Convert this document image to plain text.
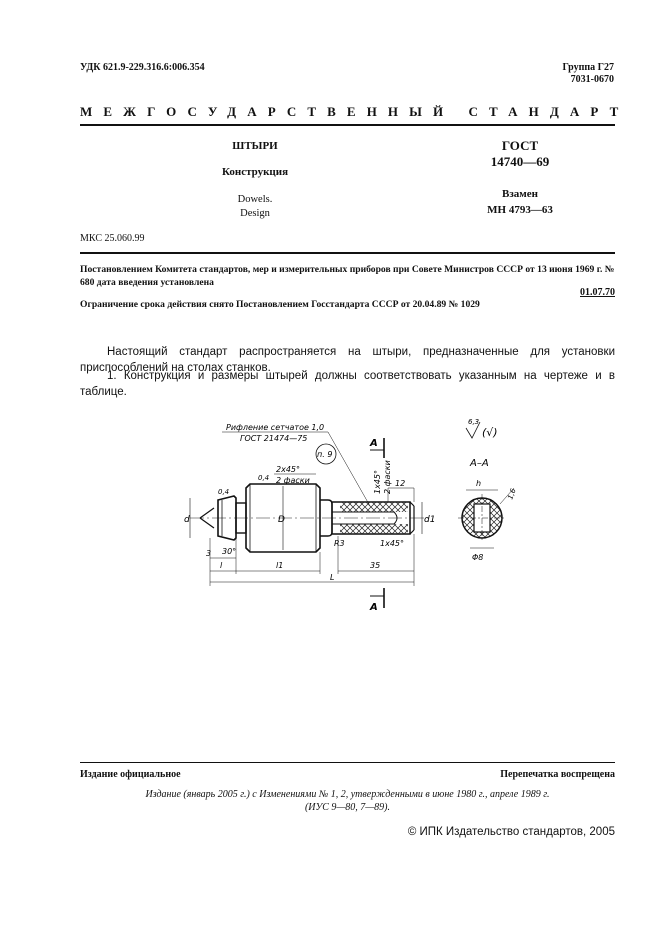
УДК 621.9-229.316.6:006.354	Группа Г27
7031-0670
МЕЖГОСУДАРСТВЕННЫЙ СТАНДАРТ
ШТЫРИ
Конструкция
Dowels.
Design
ГОСТ
14740—69
Взамен
МН 4793—63
МКС 25.060.99
Постановлением Комитета стандартов, мер и измерительных приборов при Совете Министров СССР от 13 июня 1969 г. № 680 дата введения установлена
01.07.70
Ограничение срока действия снято Постановлением Госстандарта СССР от 20.04.89 № 1029
Настоящий стандарт распространяется на штыри, предназначенные для установки приспособлений на столах станков.
1. Конструкция и размеры штырей должны соответствовать указанным на чертеже и в таблице.
d	D	d1
3 30°
l	l1	35
L
12
Рифление сетчатое 1,0
ГОСТ 21474—75
п. 9
2x45°
2 фаски
0,4
0,4	1x45° 2 фаски
1x45°
R3
A
A
6,3
(√)
A–A
h
Φ8
1,6
Издание официальное	Перепечатка воспрещена
Издание (январь 2005 г.) с Изменениями № 1, 2, утвержденными в июне 1980 г., апреле 1989 г.
(ИУС 9—80, 7—89).
© ИПК Издательство стандартов, 2005
